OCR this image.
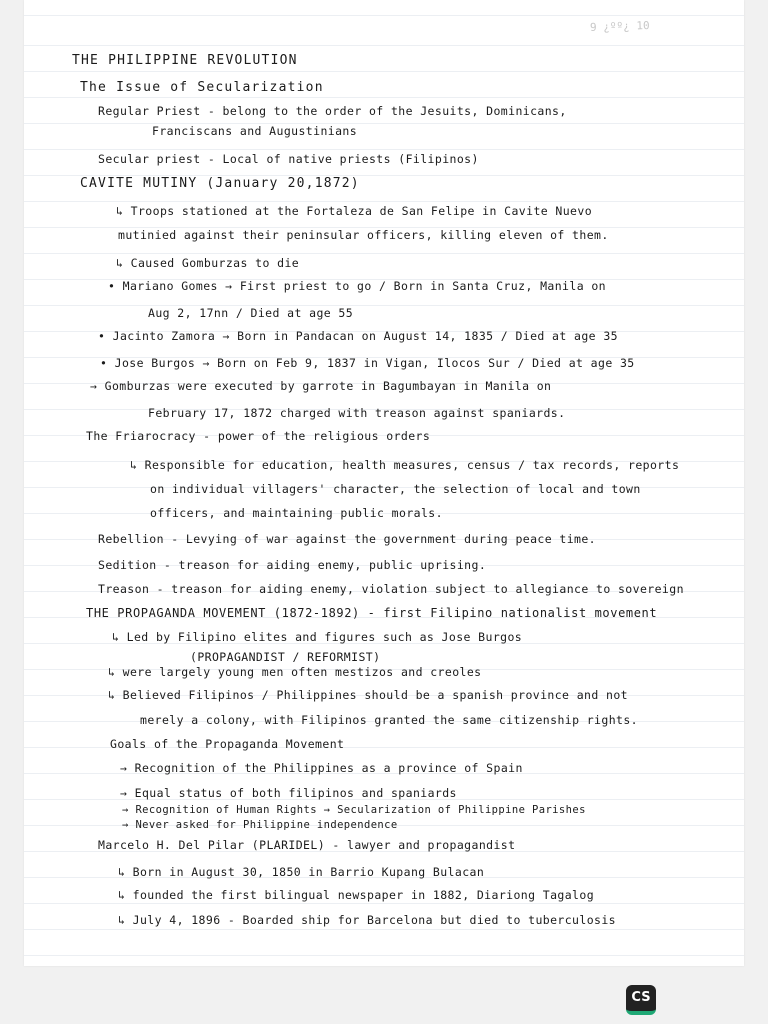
9 ¿ºº¿ 10
THE PHILIPPINE REVOLUTION
The Issue of Secularization
Regular Priest - belong to the order of the Jesuits, Dominicans,
Franciscans and Augustinians
Secular priest - Local of native priests (Filipinos)
CAVITE MUTINY (January 20,1872)
↳ Troops stationed at the Fortaleza de San Felipe in Cavite Nuevo
mutinied against their peninsular officers, killing eleven of them.
↳ Caused Gomburzas to die
• Mariano Gomes → First priest to go / Born in Santa Cruz, Manila on
Aug 2, 17nn / Died at age 55
• Jacinto Zamora → Born in Pandacan on August 14, 1835 / Died at age 35
• Jose Burgos → Born on Feb 9, 1837 in Vigan, Ilocos Sur / Died at age 35
→ Gomburzas were executed by garrote in Bagumbayan in Manila on
February 17, 1872 charged with treason against spaniards.
The Friarocracy - power of the religious orders
↳ Responsible for education, health measures, census / tax records, reports
on individual villagers' character, the selection of local and town
officers, and maintaining public morals.
Rebellion - Levying of war against the government during peace time.
Sedition - treason for aiding enemy, public uprising.
Treason - treason for aiding enemy, violation subject to allegiance to sovereign
THE PROPAGANDA MOVEMENT (1872-1892) - first Filipino nationalist movement
↳ Led by Filipino elites and figures such as Jose Burgos
(PROPAGANDIST / REFORMIST)
↳ were largely young men often mestizos and creoles
↳ Believed Filipinos / Philippines should be a spanish province and not
merely a colony, with Filipinos granted the same citizenship rights.
Goals of the Propaganda Movement
→ Recognition of the Philippines as a province of Spain
→ Equal status of both filipinos and spaniards
→ Recognition of Human Rights → Secularization of Philippine Parishes
→ Never asked for Philippine independence
Marcelo H. Del Pilar (PLARIDEL) - lawyer and propagandist
↳ Born in August 30, 1850 in Barrio Kupang Bulacan
↳ founded the first bilingual newspaper in 1882, Diariong Tagalog
↳ July 4, 1896 - Boarded ship for Barcelona but died to tuberculosis
CS
